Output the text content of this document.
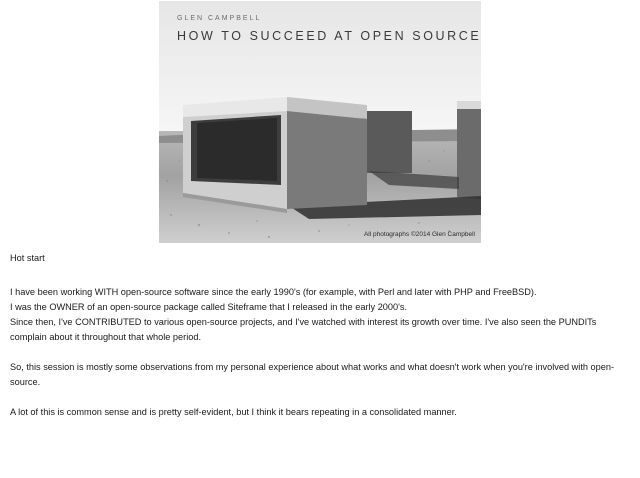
GLEN CAMPBELL
HOW TO SUCCEED AT OPEN SOURCE
All photographs ©2014 Glen Campbell

Hot start

I have been working WITH open-source software since the early 1990's (for example, with Perl and later with PHP and FreeBSD).

I was the OWNER of an open-source package called Siteframe that I released in the early 2000's.

Since then, I've CONTRIBUTED to various open-source projects, and I've watched with interest its growth over time. I've also seen the PUNDITs complain about it throughout that whole period.

So, this session is mostly some observations from my personal experience about what works and what doesn't work when you're involved with open-source.

A lot of this is common sense and is pretty self-evident, but I think it bears repeating in a consolidated manner.
